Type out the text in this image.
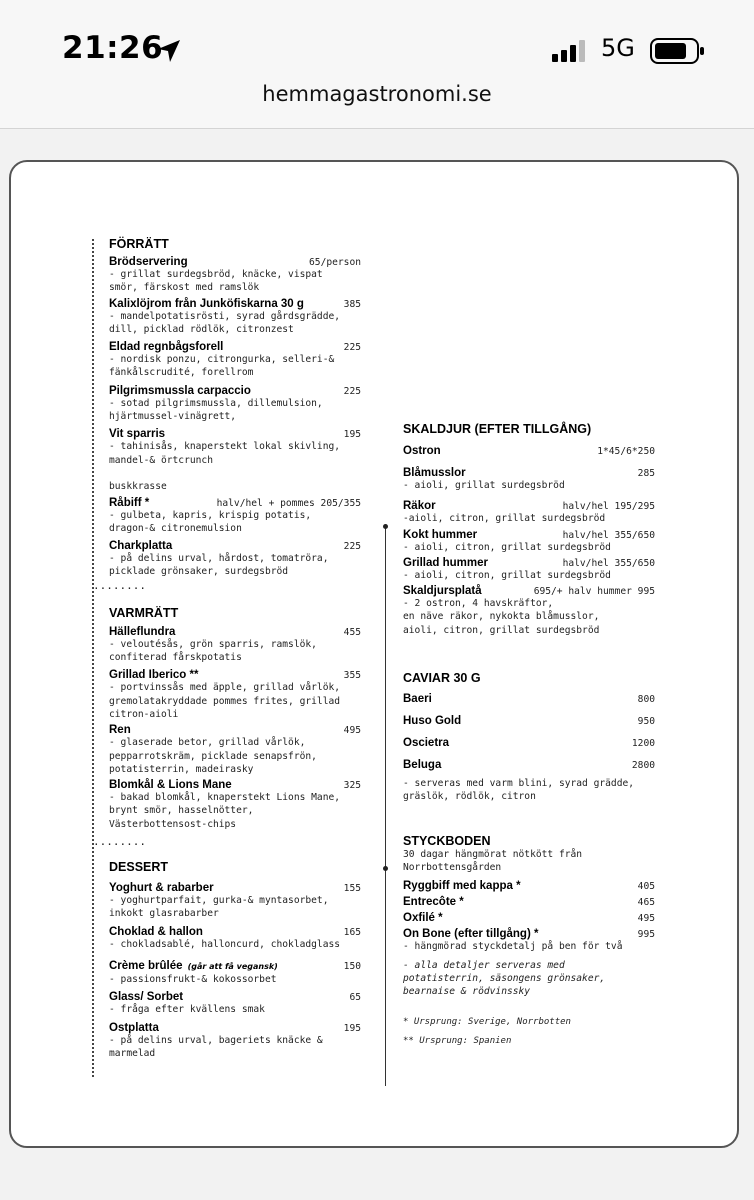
21:26	5G
hemmagastronomi.se
FÖRRÄTT
Brödservering	65/person
- grillat surdegsbröd, knäcke, vispat
smör, färskost med ramslök
Kalixlöjrom från Junköfiskarna 30 g	385
- mandelpotatisrösti, syrad gårdsgrädde,
dill, picklad rödlök, citronzest
Eldad regnbågsforell	225
- nordisk ponzu, citrongurka, selleri-&
fänkålscrudité, forellrom
Pilgrimsmussla carpaccio	225
- sotad pilgrimsmussla, dillemulsion,
hjärtmussel-vinägrett,
Vit sparris	195
- tahinisås, knaperstekt lokal skivling,
mandel-& örtcrunch

buskkrasse
Råbiff *	halv/hel + pommes 205/355
- gulbeta, kapris, krispig potatis,
dragon-& citronemulsion
Charkplatta	225
- på delins urval, hårdost, tomatröra,
picklade grönsaker, surdegsbröd
........
VARMRÄTT
Hälleflundra	455
- veloutésås, grön sparris, ramslök,
confiterad fårskpotatis
Grillad Iberico **	355
- portvinssås med äpple, grillad vårlök,
gremolatakryddade pommes frites, grillad
citron-aioli
Ren	495
- glaserade betor, grillad vårlök,
pepparrotskräm, picklade senapsfrön,
potatisterrin, madeirasky
Blomkål & Lions Mane	325
- bakad blomkål, knaperstekt Lions Mane,
brynt smör, hasselnötter,
Västerbottensost-chips
........
DESSERT
Yoghurt & rabarber	155
- yoghurtparfait, gurka-& myntasorbet,
inkokt glasrabarber
Choklad & hallon	165
- chokladsablé, halloncurd, chokladglass
Crème brûlée (går att få vegansk)	150
- passionsfrukt-& kokossorbet
Glass/ Sorbet	65
- fråga efter kvällens smak
Ostplatta	195
- på delins urval, bageriets knäcke &
marmelad
SKALDJUR (EFTER TILLGÅNG)
Ostron	1*45/6*250
Blåmusslor	285
- aioli, grillat surdegsbröd
Räkor	halv/hel 195/295
-aioli, citron, grillat surdegsbröd
Kokt hummer	halv/hel 355/650
- aioli, citron, grillat surdegsbröd
Grillad hummer	halv/hel 355/650
- aioli, citron, grillat surdegsbröd
Skaldjursplatå	695/+ halv hummer 995
- 2 ostron, 4 havskräftor,
en näve räkor, nykokta blåmusslor,
aioli, citron, grillat surdegsbröd
CAVIAR 30 G
Baeri	800
Huso Gold	950
Oscietra	1200
Beluga	2800
- serveras med varm blini, syrad grädde,
gräslök, rödlök, citron
STYCKBODEN
30 dagar hängmörat nötkött från
Norrbottensgården
Ryggbiff med kappa *	405
Entrecôte *	465
Oxfilé *	495
On Bone (efter tillgång) *	995
- hängmörad styckdetalj på ben för två
- alla detaljer serveras med
potatisterrin, säsongens grönsaker,
bearnaise & rödvinssky
* Ursprung: Sverige, Norrbotten
** Ursprung: Spanien
